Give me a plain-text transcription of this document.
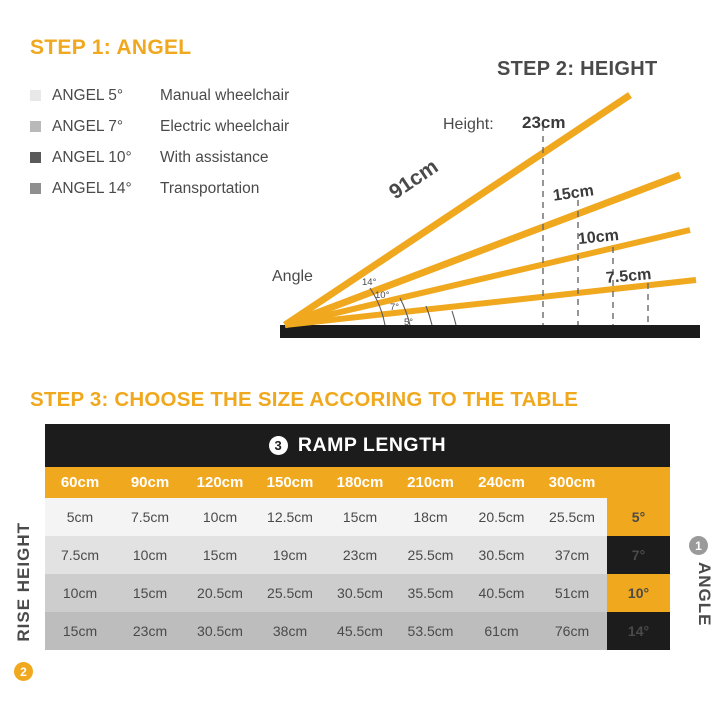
STEP 1: ANGEL
ANGEL 5°	Manual wheelchair
ANGEL 7°	Electric wheelchair
ANGEL 10°	With assistance
ANGEL 14°	Transportation
STEP 2: HEIGHT
Height: 23cm
91cm	15cm
10cm
7.5cm
Angle	14°
10°
7°
5°
STEP 3: CHOOSE THE SIZE ACCORING TO THE TABLE
RISE HEIGHT
2
ANGLE
1
3 RAMP LENGTH
60cm	90cm	120cm	150cm	180cm	210cm	240cm	300cm	
5cm	7.5cm	10cm	12.5cm	15cm	18cm	20.5cm	25.5cm	5°
7.5cm	10cm	15cm	19cm	23cm	25.5cm	30.5cm	37cm	7°
10cm	15cm	20.5cm	25.5cm	30.5cm	35.5cm	40.5cm	51cm	10°
15cm	23cm	30.5cm	38cm	45.5cm	53.5cm	61cm	76cm	14°
